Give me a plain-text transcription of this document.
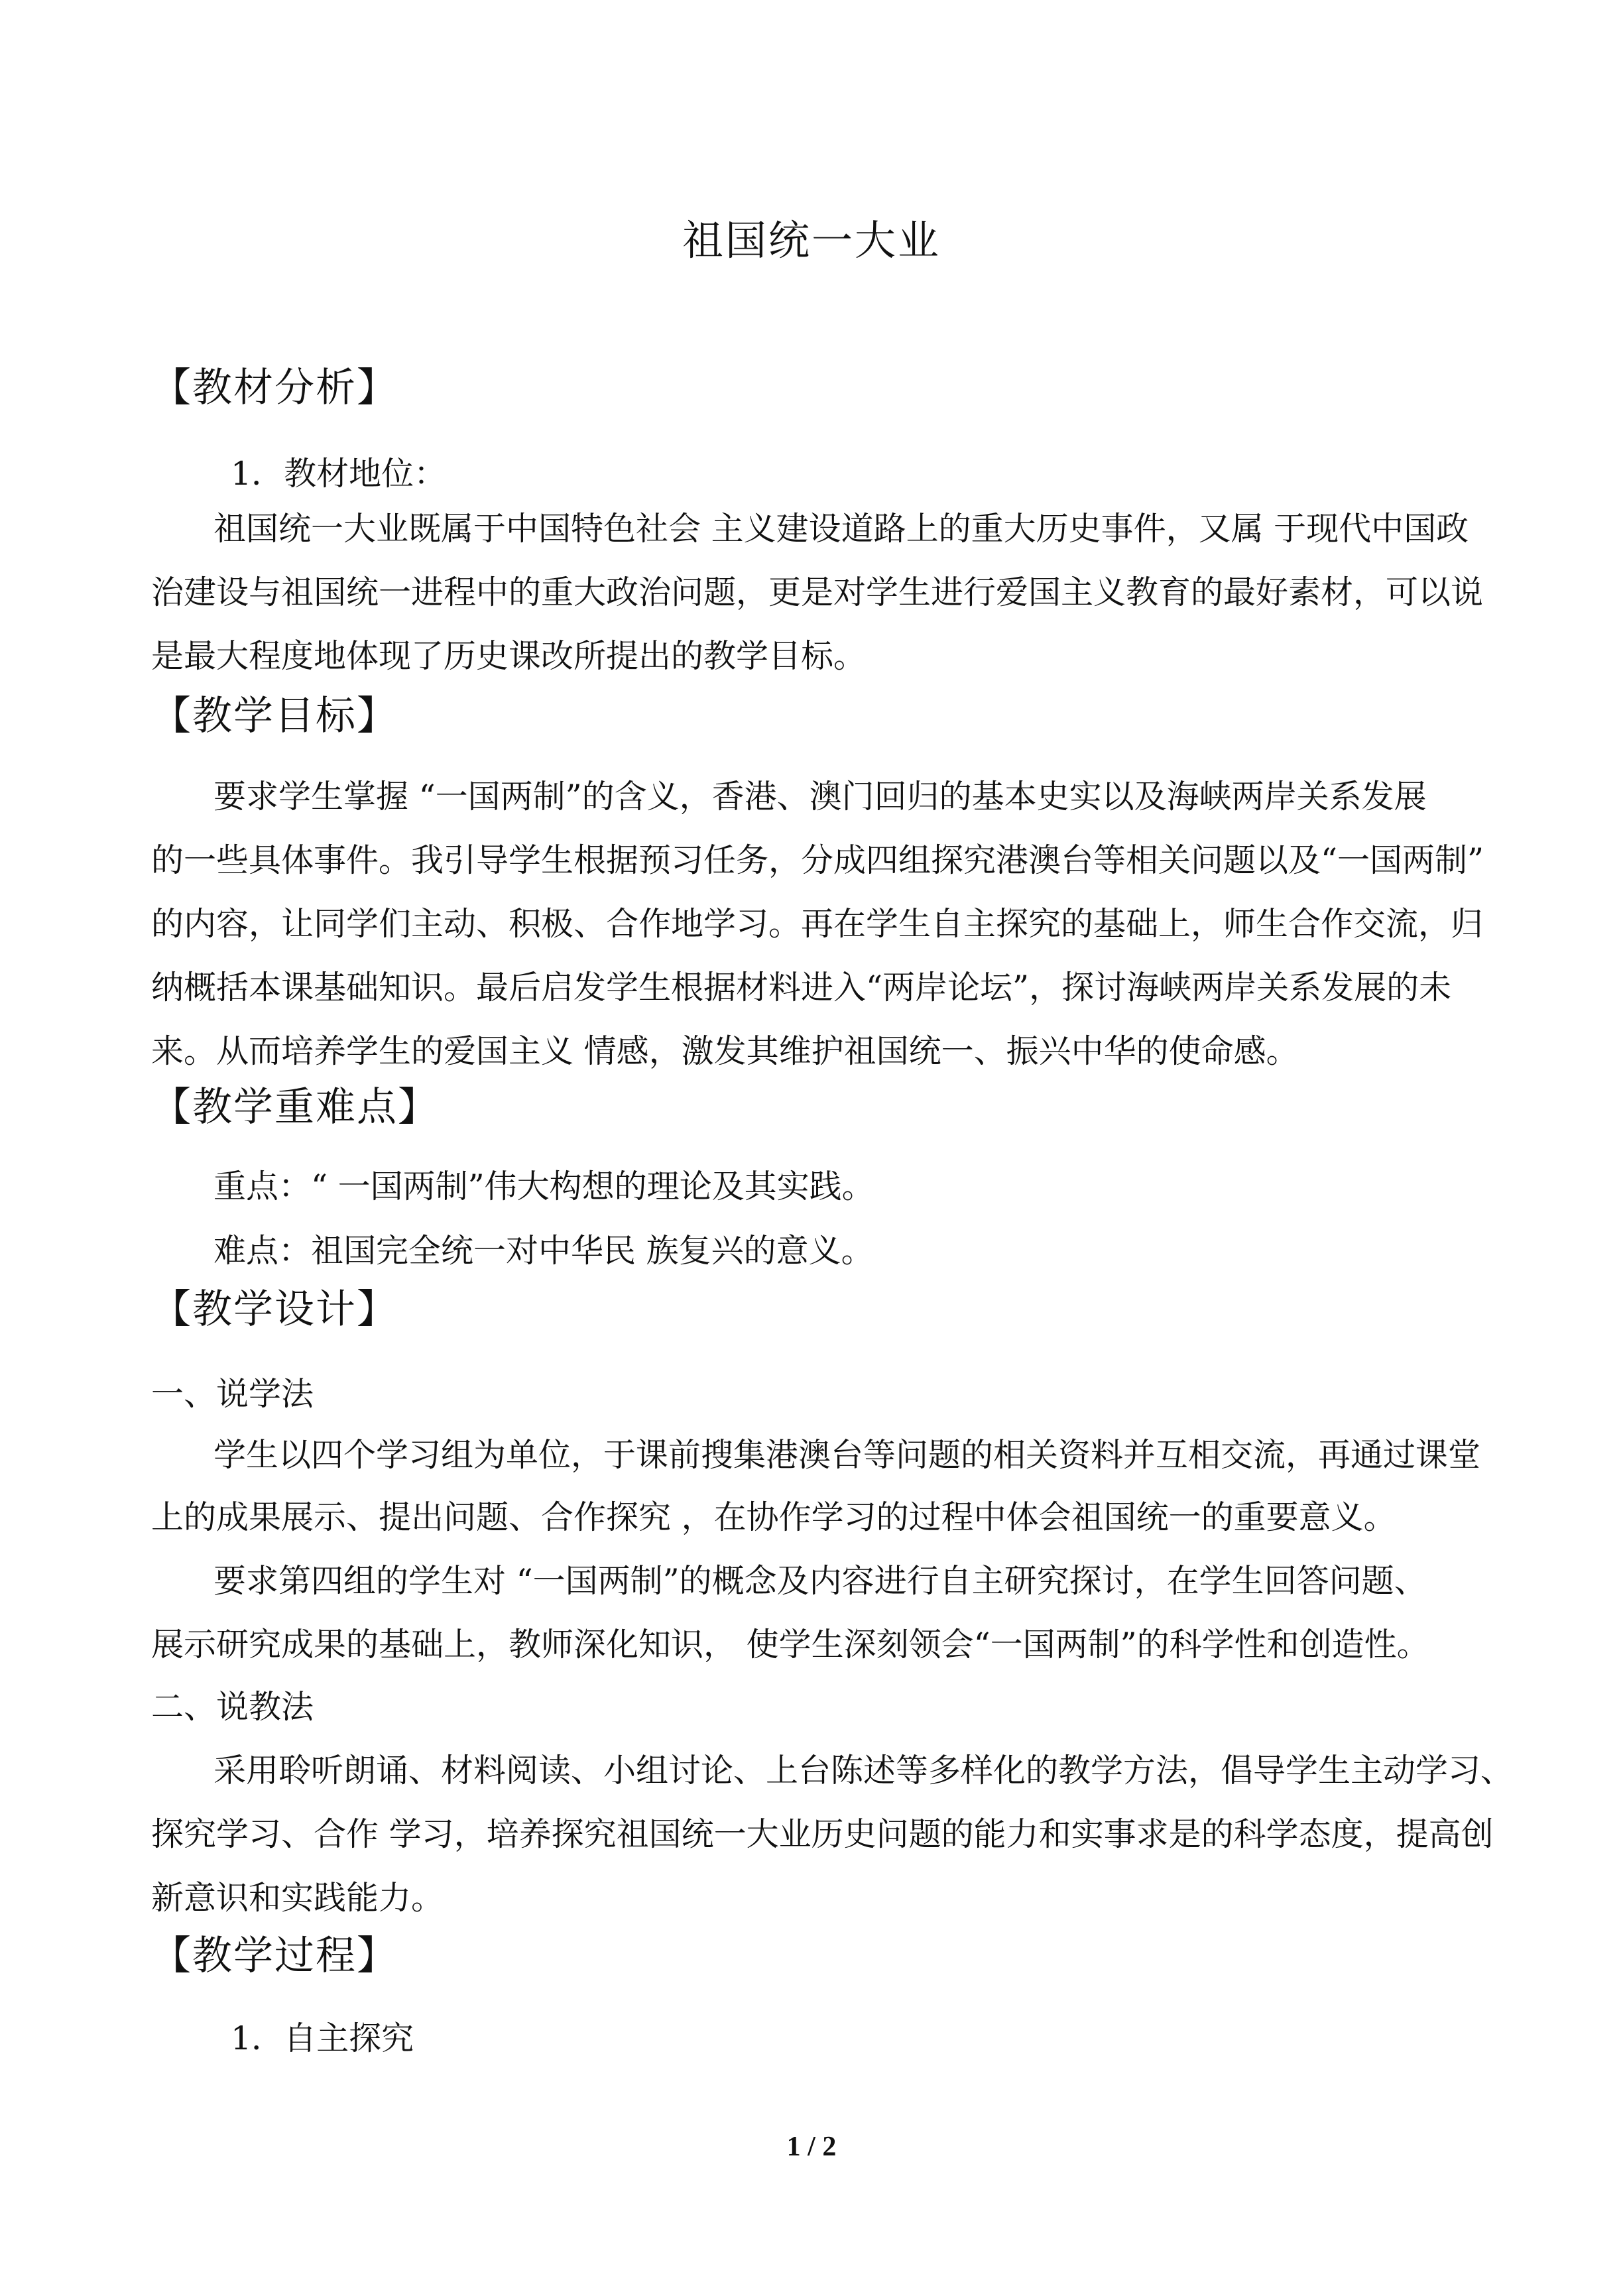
祖国统一大业
【教材分析】
1．教材地位：
祖国统一大业既属于中国特色社会 主义建设道路上的重大历史事件，又属 于现代中国政
治建设与祖国统一进程中的重大政治问题，更是对学生进行爱国主义教育的最好素材，可以说
是最大程度地体现了历史课改所提出的教学目标。
【教学目标】
要求学生掌握 “一国两制”的含义，香港、澳门回归的基本史实以及海峡两岸关系发展
的一些具体事件。我引导学生根据预习任务，分成四组探究港澳台等相关问题以及“一国两制”
的内容，让同学们主动、积极、合作地学习。再在学生自主探究的基础上，师生合作交流，归
纳概括本课基础知识。最后启发学生根据材料进入“两岸论坛”，探讨海峡两岸关系发展的未
来。从而培养学生的爱国主义 情感，激发其维护祖国统一、振兴中华的使命感。
【教学重难点】
重点：“ 一国两制”伟大构想的理论及其实践。
难点：祖国完全统一对中华民 族复兴的意义。
【教学设计】
一、说学法
学生以四个学习组为单位，于课前搜集港澳台等问题的相关资料并互相交流，再通过课堂
上的成果展示、提出问题、合作探究 ，在协作学习的过程中体会祖国统一的重要意义。
要求第四组的学生对 “一国两制”的概念及内容进行自主研究探讨，在学生回答问题、
展示研究成果的基础上，教师深化知识， 使学生深刻领会“一国两制”的科学性和创造性。
二、说教法
采用聆听朗诵、材料阅读、小组讨论、上台陈述等多样化的教学方法，倡导学生主动学习、
探究学习、合作 学习，培养探究祖国统一大业历史问题的能力和实事求是的科学态度，提高创
新意识和实践能力。
【教学过程】
1．自主探究
1 / 2
